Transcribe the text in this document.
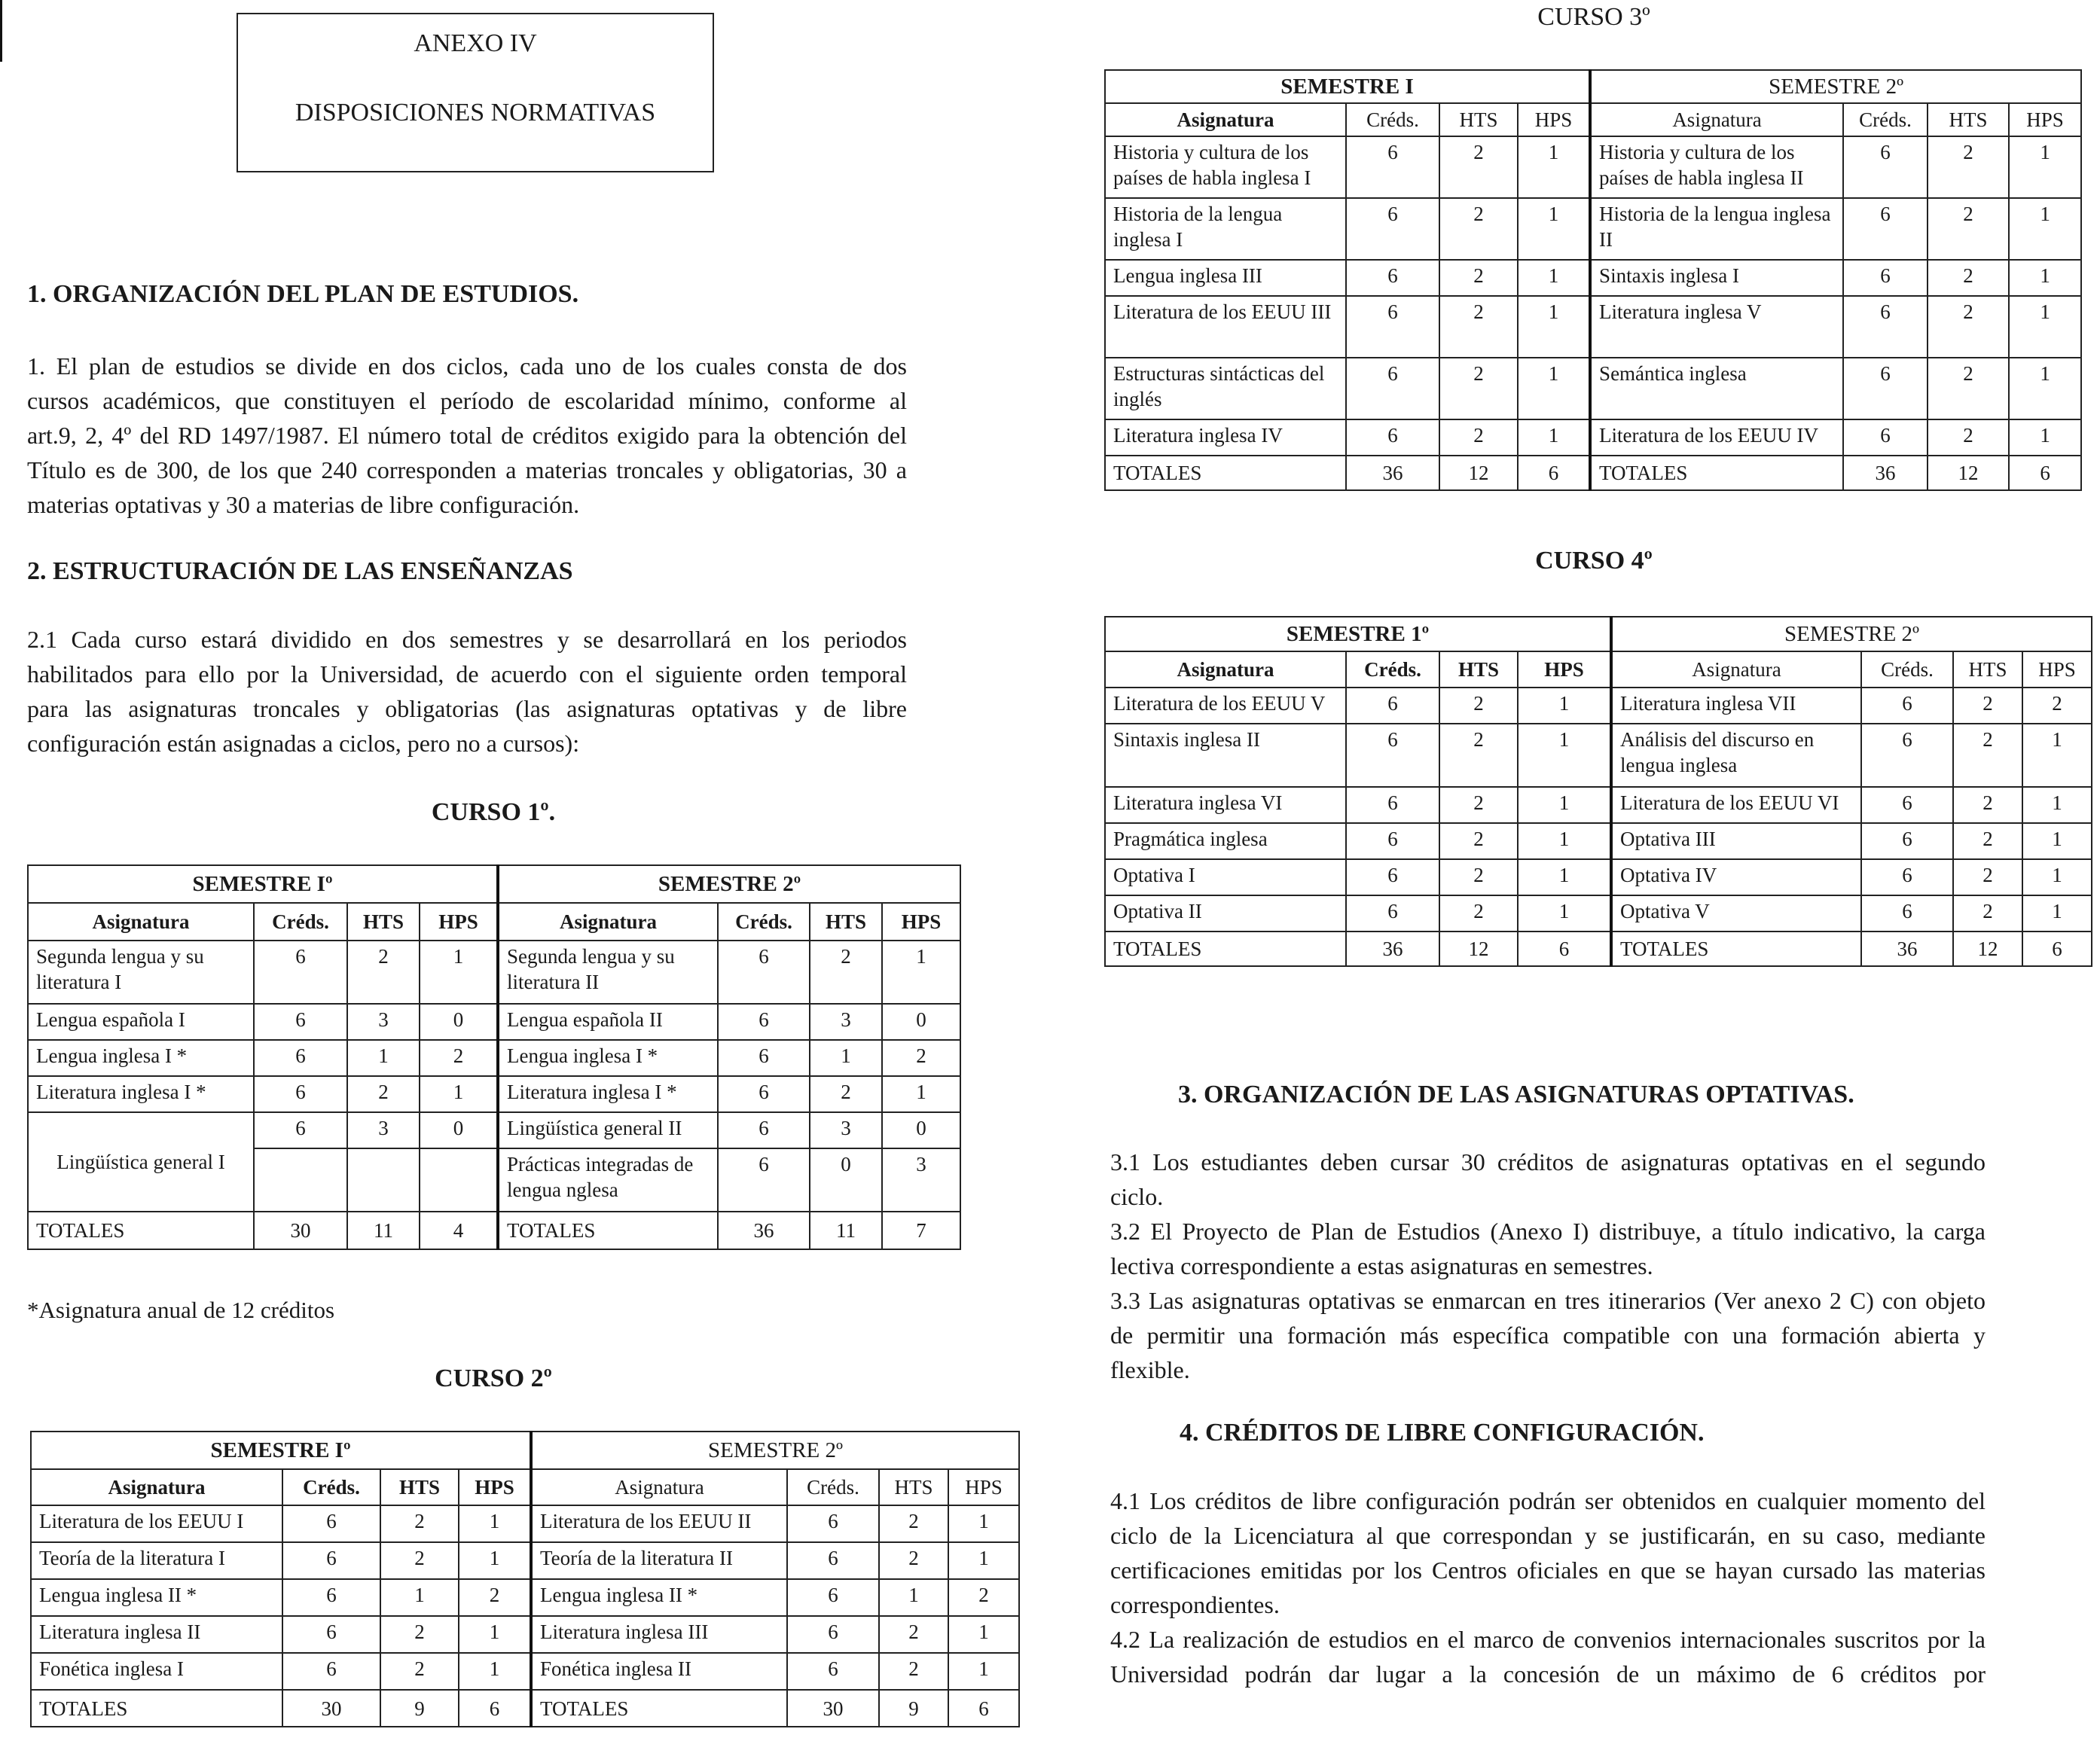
ANEXO IV
DISPOSICIONES NORMATIVAS
1. ORGANIZACIÓN DEL PLAN DE ESTUDIOS.
1. El plan de estudios se divide en dos ciclos, cada uno de los cuales consta de dos
cursos académicos, que constituyen el período de escolaridad mínimo, conforme al
art.9, 2, 4º del RD 1497/1987. El número total de créditos exigido para la obtención del
Título es de 300, de los que 240 corresponden a materias troncales y obligatorias, 30 a
materias optativas y 30 a materias de libre configuración.
2. ESTRUCTURACIÓN DE LAS ENSEÑANZAS
2.1 Cada curso estará dividido en dos semestres y se desarrollará en los periodos
habilitados para ello por la Universidad, de acuerdo con el siguiente orden temporal
para las asignaturas troncales y obligatorias (las asignaturas optativas y de libre
configuración están asignadas a ciclos, pero no a cursos):
CURSO 1º.
SEMESTRE Iº				SEMESTRE 2º			
Asignatura	Créds.	HTS	HPS	Asignatura	Créds.	HTS	HPS
Segunda lengua y su literatura I	6	2	1	Segunda lengua y su literatura II	6	2	1
Lengua española I	6	3	0	Lengua española II	6	3	0
Lengua inglesa I *	6	1	2	Lengua inglesa I *	6	1	2
Literatura inglesa I *	6	2	1	Literatura inglesa I *	6	2	1
Lingüística general I	6	3	0	Lingüística general II	6	3	0
				Prácticas integradas de lengua nglesa	6	0	3
TOTALES	30	11	4	TOTALES	36	11	7
*Asignatura anual de 12 créditos
CURSO 2º
SEMESTRE Iº				SEMESTRE 2º			
Asignatura	Créds.	HTS	HPS	Asignatura	Créds.	HTS	HPS
Literatura de los EEUU I	6	2	1	Literatura de los EEUU II	6	2	1
Teoría de la literatura I	6	2	1	Teoría de la literatura II	6	2	1
Lengua inglesa II *	6	1	2	Lengua inglesa II *	6	1	2
Literatura inglesa II	6	2	1	Literatura inglesa III	6	2	1
Fonética inglesa I	6	2	1	Fonética inglesa II	6	2	1
TOTALES	30	9	6	TOTALES	30	9	6
CURSO 3º
SEMESTRE I				SEMESTRE 2º			
Asignatura	Créds.	HTS	HPS	Asignatura	Créds.	HTS	HPS
Historia y cultura de los países de habla inglesa I	6	2	1	Historia y cultura de los países de habla inglesa II	6	2	1
Historia de la lengua inglesa I	6	2	1	Historia de la lengua inglesa II	6	2	1
Lengua inglesa III	6	2	1	Sintaxis inglesa I	6	2	1
Literatura de los EEUU III	6	2	1	Literatura inglesa V	6	2	1
Estructuras sintácticas del inglés	6	2	1	Semántica inglesa	6	2	1
Literatura inglesa IV	6	2	1	Literatura de los EEUU IV	6	2	1
TOTALES	36	12	6	TOTALES	36	12	6
CURSO 4º
SEMESTRE 1º				SEMESTRE 2º			
Asignatura	Créds.	HTS	HPS	Asignatura	Créds.	HTS	HPS
Literatura de los EEUU V	6	2	1	Literatura inglesa VII	6	2	2
Sintaxis inglesa II	6	2	1	Análisis del discurso en lengua inglesa	6	2	1
Literatura inglesa VI	6	2	1	Literatura de los EEUU VI	6	2	1
Pragmática inglesa	6	2	1	Optativa III	6	2	1
Optativa I	6	2	1	Optativa IV	6	2	1
Optativa II	6	2	1	Optativa V	6	2	1
TOTALES	36	12	6	TOTALES	36	12	6
3. ORGANIZACIÓN DE LAS ASIGNATURAS OPTATIVAS.
3.1 Los estudiantes deben cursar 30 créditos de asignaturas optativas en el segundo
ciclo.
3.2 El Proyecto de Plan de Estudios (Anexo I) distribuye, a título indicativo, la carga
lectiva correspondiente a estas asignaturas en semestres.
3.3 Las asignaturas optativas se enmarcan en tres itinerarios (Ver anexo 2 C) con objeto
de permitir una formación más específica compatible con una formación abierta y
flexible.
4. CRÉDITOS DE LIBRE CONFIGURACIÓN.
4.1 Los créditos de libre configuración podrán ser obtenidos en cualquier momento del
ciclo de la Licenciatura al que correspondan y se justificarán, en su caso, mediante
certificaciones emitidas por los Centros oficiales en que se hayan cursado las materias
correspondientes.
4.2 La realización de estudios en el marco de convenios internacionales suscritos por la
Universidad podrán dar lugar a la concesión de un máximo de 6 créditos por
